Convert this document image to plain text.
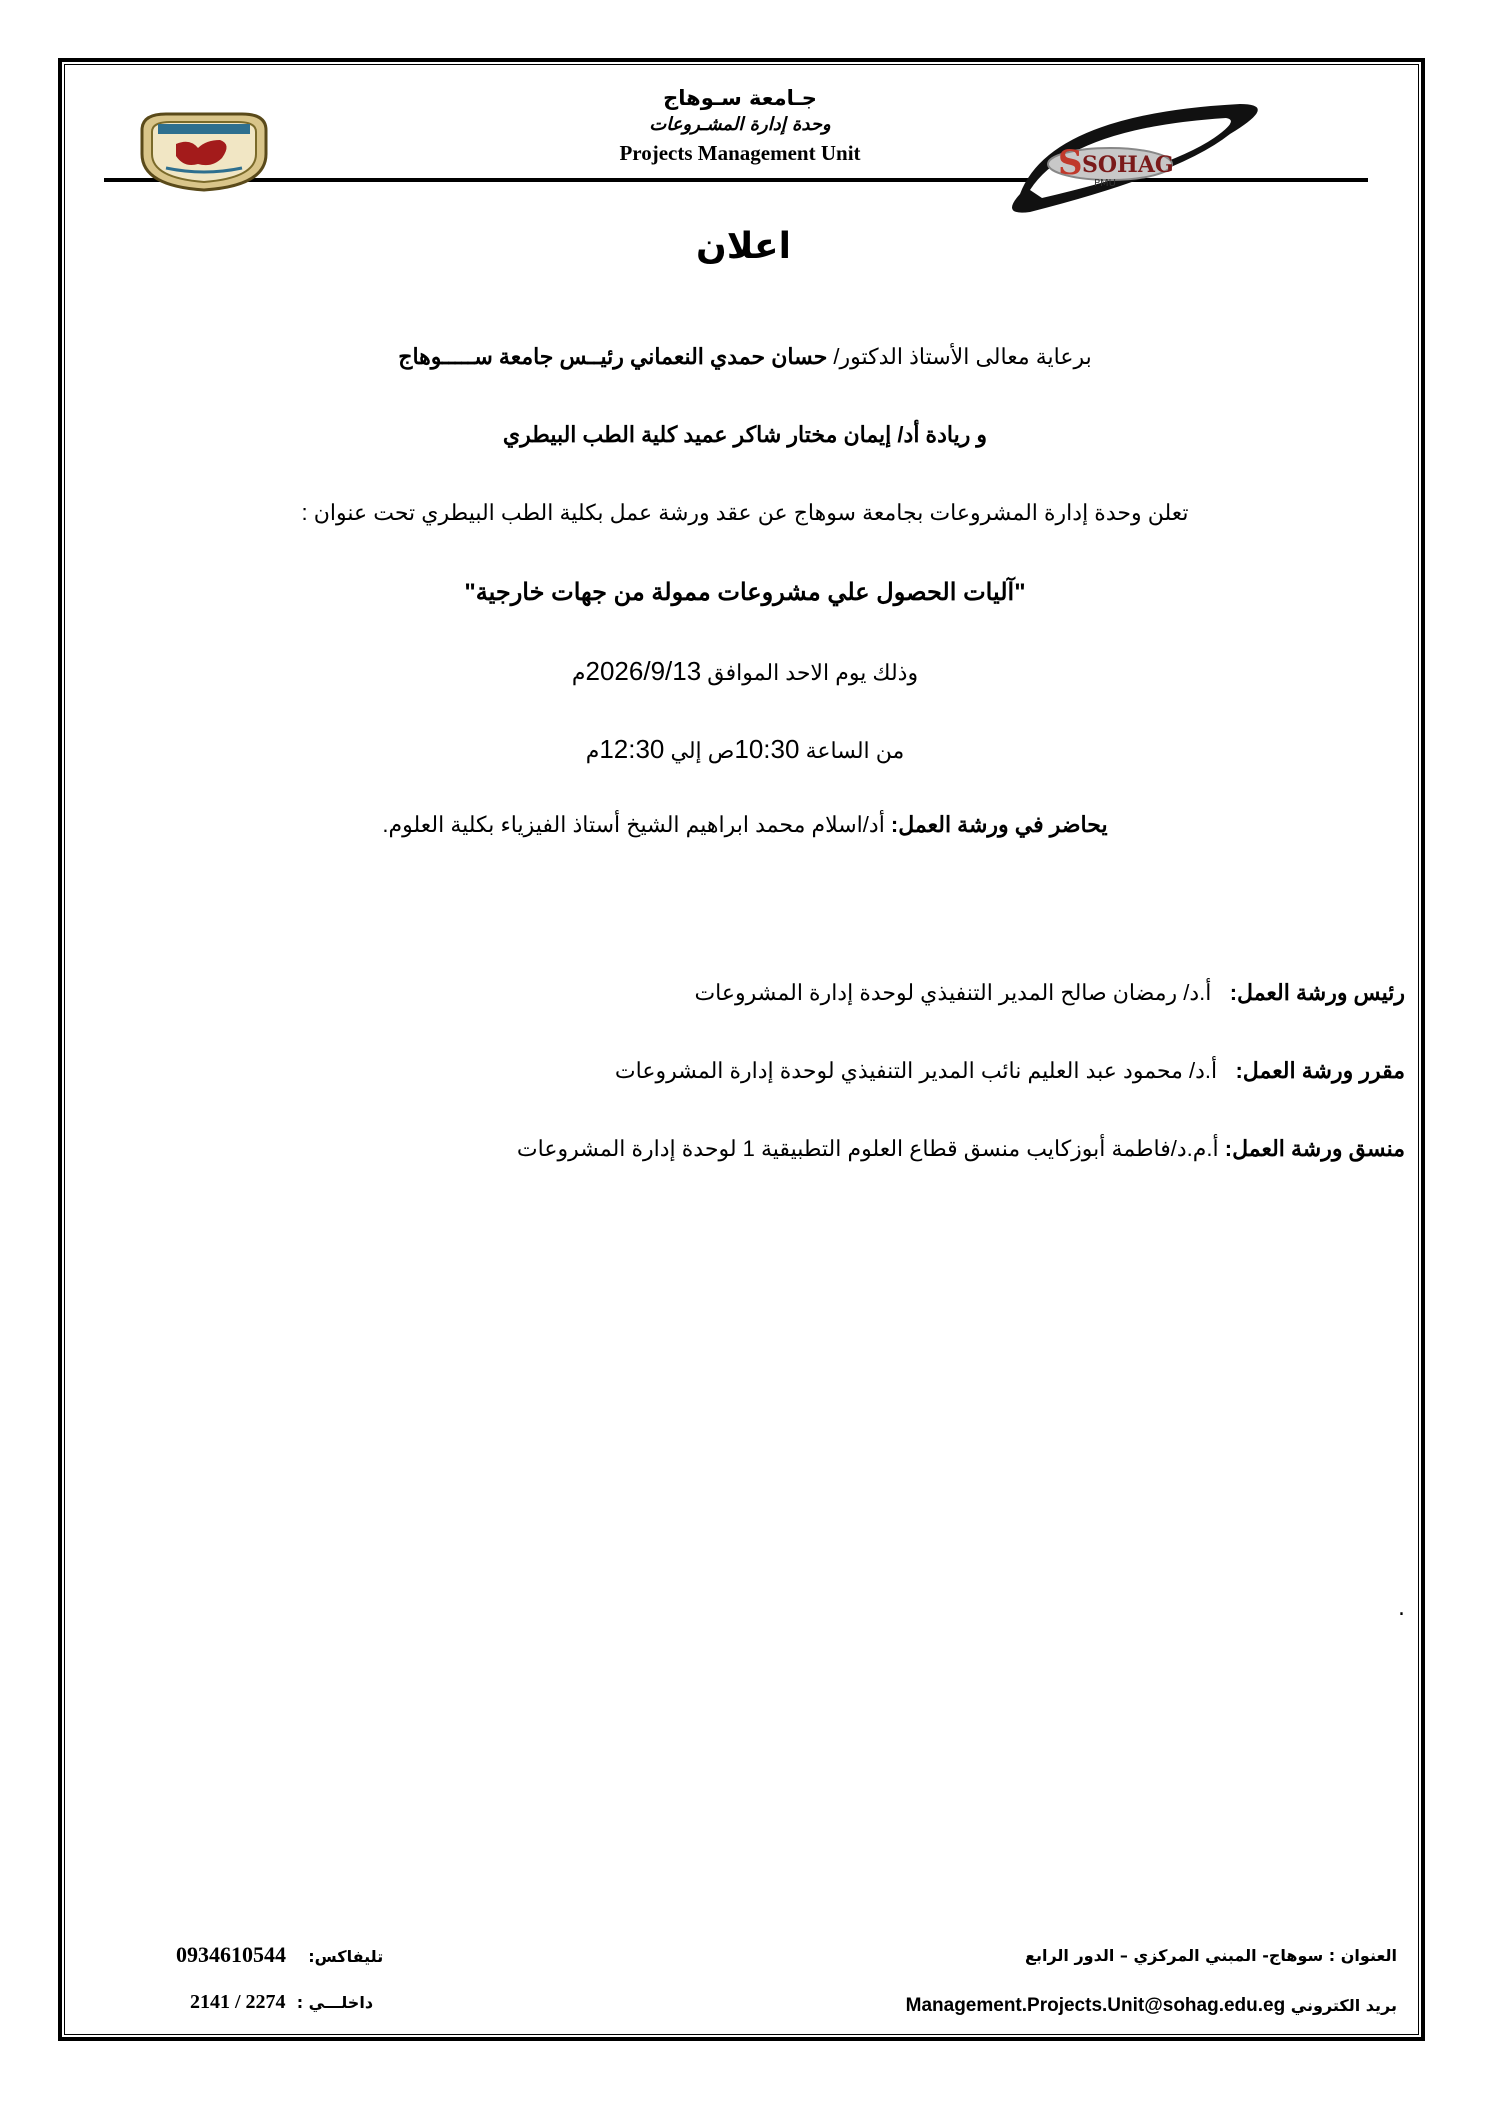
جـامعة سـوهاج
وحدة إدارة المشـروعات
Projects Management Unit	S SOHAG
PMU
اعلان
برعاية معالى الأستاذ الدكتور/ حسان حمدي النعماني رئيــس جامعة ســـــوهاج
و ريادة أد/ إيمان مختار شاكر عميد كلية الطب البيطري
تعلن وحدة إدارة المشروعات بجامعة سوهاج عن عقد ورشة عمل بكلية الطب البيطري تحت عنوان :
"آليات الحصول علي مشروعات ممولة من جهات خارجية"
وذلك يوم الاحد الموافق 2026/9/13م
من الساعة 10:30ص إلي 12:30م
يحاضر في ورشة العمل: أد/اسلام محمد ابراهيم الشيخ أستاذ الفيزياء بكلية العلوم.
رئيس ورشة العمل:   أ.د/ رمضان صالح المدير التنفيذي لوحدة إدارة المشروعات
مقرر ورشة العمل:   أ.د/ محمود عبد العليم نائب المدير التنفيذي لوحدة إدارة المشروعات
منسق ورشة العمل: أ.م.د/فاطمة أبوزكايب منسق قطاع العلوم التطبيقية 1 لوحدة إدارة المشروعات
.
العنوان : سوهاج- المبني المركزي – الدور الرابع
بريد الكتروني Management.Projects.Unit@sohag.edu.eg
0934610544 تليفاكس:
2141 / 2274 داخلـــي :
